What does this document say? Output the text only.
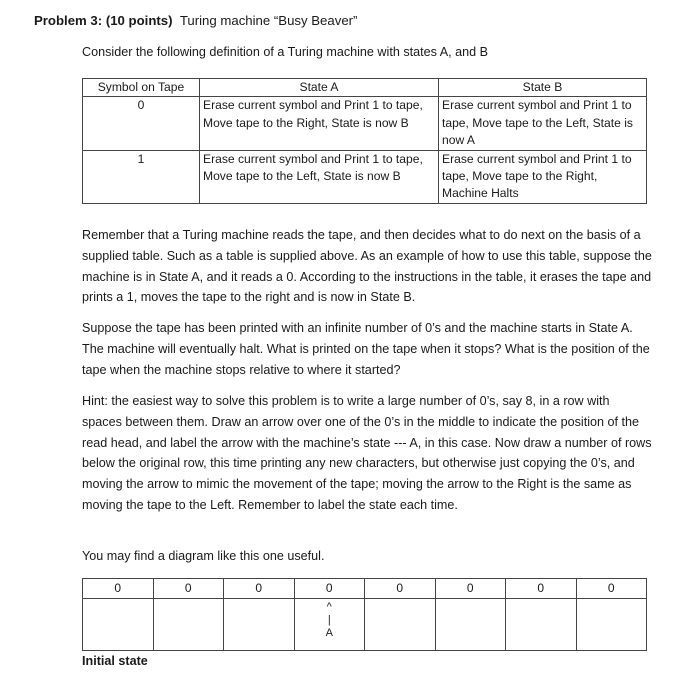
Problem 3: (10 points) Turing machine “Busy Beaver”
Consider the following definition of a Turing machine with states A, and B
Symbol on Tape	State A	State B
0	Erase current symbol and Print 1 to tape, Move tape to the Right, State is now B	Erase current symbol and Print 1 to tape, Move tape to the Left, State is now A
1	Erase current symbol and Print 1 to tape, Move tape to the Left, State is now B	Erase current symbol and Print 1 to tape, Move tape to the Right, Machine Halts
Remember that a Turing machine reads the tape, and then decides what to do next on the basis of a supplied table. Such as a table is supplied above. As an example of how to use this table, suppose the machine is in State A, and it reads a 0. According to the instructions in the table, it erases the tape and prints a 1, moves the tape to the right and is now in State B.
Suppose the tape has been printed with an infinite number of 0’s and the machine starts in State A. The machine will eventually halt. What is printed on the tape when it stops? What is the position of the tape when the machine stops relative to where it started?
Hint: the easiest way to solve this problem is to write a large number of 0’s, say 8, in a row with spaces between them. Draw an arrow over one of the 0’s in the middle to indicate the position of the read head, and label the arrow with the machine’s state --- A, in this case. Now draw a number of rows below the original row, this time printing any new characters, but otherwise just copying the 0’s, and moving the arrow to mimic the movement of the tape; moving the arrow to the Right is the same as moving the tape to the Left. Remember to label the state each time.
You may find a diagram like this one useful.
0	0	0	0	0	0	0	0

			^
|
A				

Initial state
